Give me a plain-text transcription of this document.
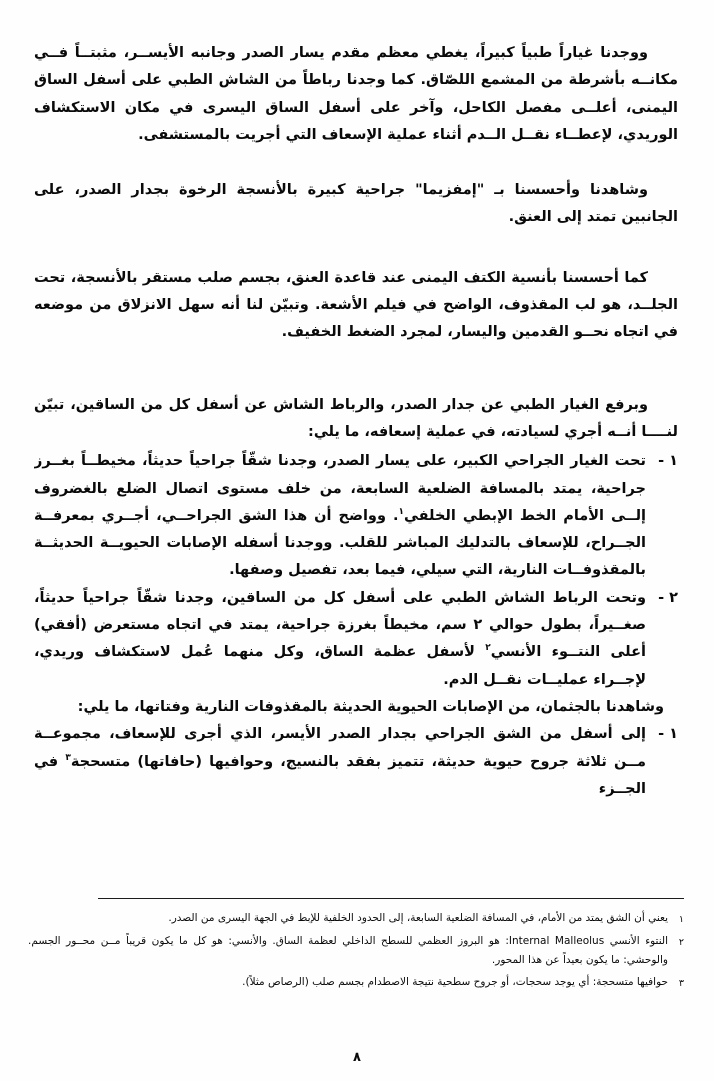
ووجدنا غياراً طبياً كبيراً، يغطي معظم مقدم يسار الصدر وجانبه الأيســر، مثبتــاً فــي مكانــه بأشرطة من المشمع اللصّاق. كما وجدنا رباطاً من الشاش الطبي على أسفل الساق اليمنى، أعلــى مفصل الكاحل، وآخر على أسفل الساق اليسرى في مكان الاستكشاف الوريدي، لإعطــاء نقــل الــدم أثناء عملية الإسعاف التي أجريت بالمستشفى.

وشاهدنا وأحسسنا بـ "إمفزيما" جراحية كبيرة بالأنسجة الرخوة بجدار الصدر، على الجانبين تمتد إلى العنق.

كما أحسسنا بأنسية الكتف اليمنى عند قاعدة العنق، بجسم صلب مستقر بالأنسجة، تحت الجلــد، هو لب المقذوف، الواضح في فيلم الأشعة. وتبيّن لنا أنه سهل الانزلاق من موضعه في اتجاه نحــو القدمين واليسار، لمجرد الضغط الخفيف.

وبرفع الغيار الطبي عن جدار الصدر، والرباط الشاش عن أسفل كل من الساقين، تبيّن لنــــا أنــه أجري لسيادته، في عملية إسعافه، ما يلي:

١ -
تحت الغيار الجراحي الكبير، على يسار الصدر، وجدنا شقّاً جراحياً حديثاً، مخيطــاً بغــرز جراحية، يمتد بالمسافة الضلعية السابعة، من خلف مستوى اتصال الضلع بالغضروف إلــى الأمام الخط الإبطي الخلفي$^١$. وواضح أن هذا الشق الجراحــي، أجــري بمعرفــة الجــراح، للإسعاف بالتدليك المباشر للقلب. ووجدنا أسفله الإصابات الحيويــة الحديثــة بالمقذوفــات النارية، التي سيلي، فيما بعد، تفصيل وصفها.
٢ -
وتحت الرباط الشاش الطبي على أسفل كل من الساقين، وجدنا شقّاً جراحياً حديثاً، صغــيراً، بطول حوالي ٢ سم، مخيطاً بغرزة جراحية، يمتد في اتجاه مستعرض (أفقي) أعلى النتــوء الأنسي$^٢$ لأسفل عظمة الساق، وكل منهما عُمل لاستكشاف وريدي، لإجــراء عمليــات نقــل الدم.

وشاهدنا بالجثمان، من الإصابات الحيوية الحديثة بالمقذوفات النارية وفتاتها، ما يلي:

١ -
إلى أسفل من الشق الجراحي بجدار الصدر الأيسر، الذي أجرى للإسعاف، مجموعــة مــن ثلاثة جروح حيوية حديثة، تتميز بفقد بالنسيج، وحوافيها (حافاتها) متسحجة$^٣$ في الجــزء
١
يعني أن الشق يمتد من الأمام، في المسافة الضلعية السابعة، إلى الحدود الخلفية للإبط في الجهة اليسرى من الصدر.
٢
النتوء الأنسي Internal Malleolus: هو البروز العظمي للسطح الداخلي لعظمة الساق. والأنسي: هو كل ما يكون قريباً مــن محــور الجسم. والوحشي: ما يكون بعيداً عن هذا المحور.
٣
حوافيها متسحجة: أي يوجد سحجات، أو جروح سطحية نتيجة الاصطدام بجسم صلب (الرصاص مثلاً).
٨
